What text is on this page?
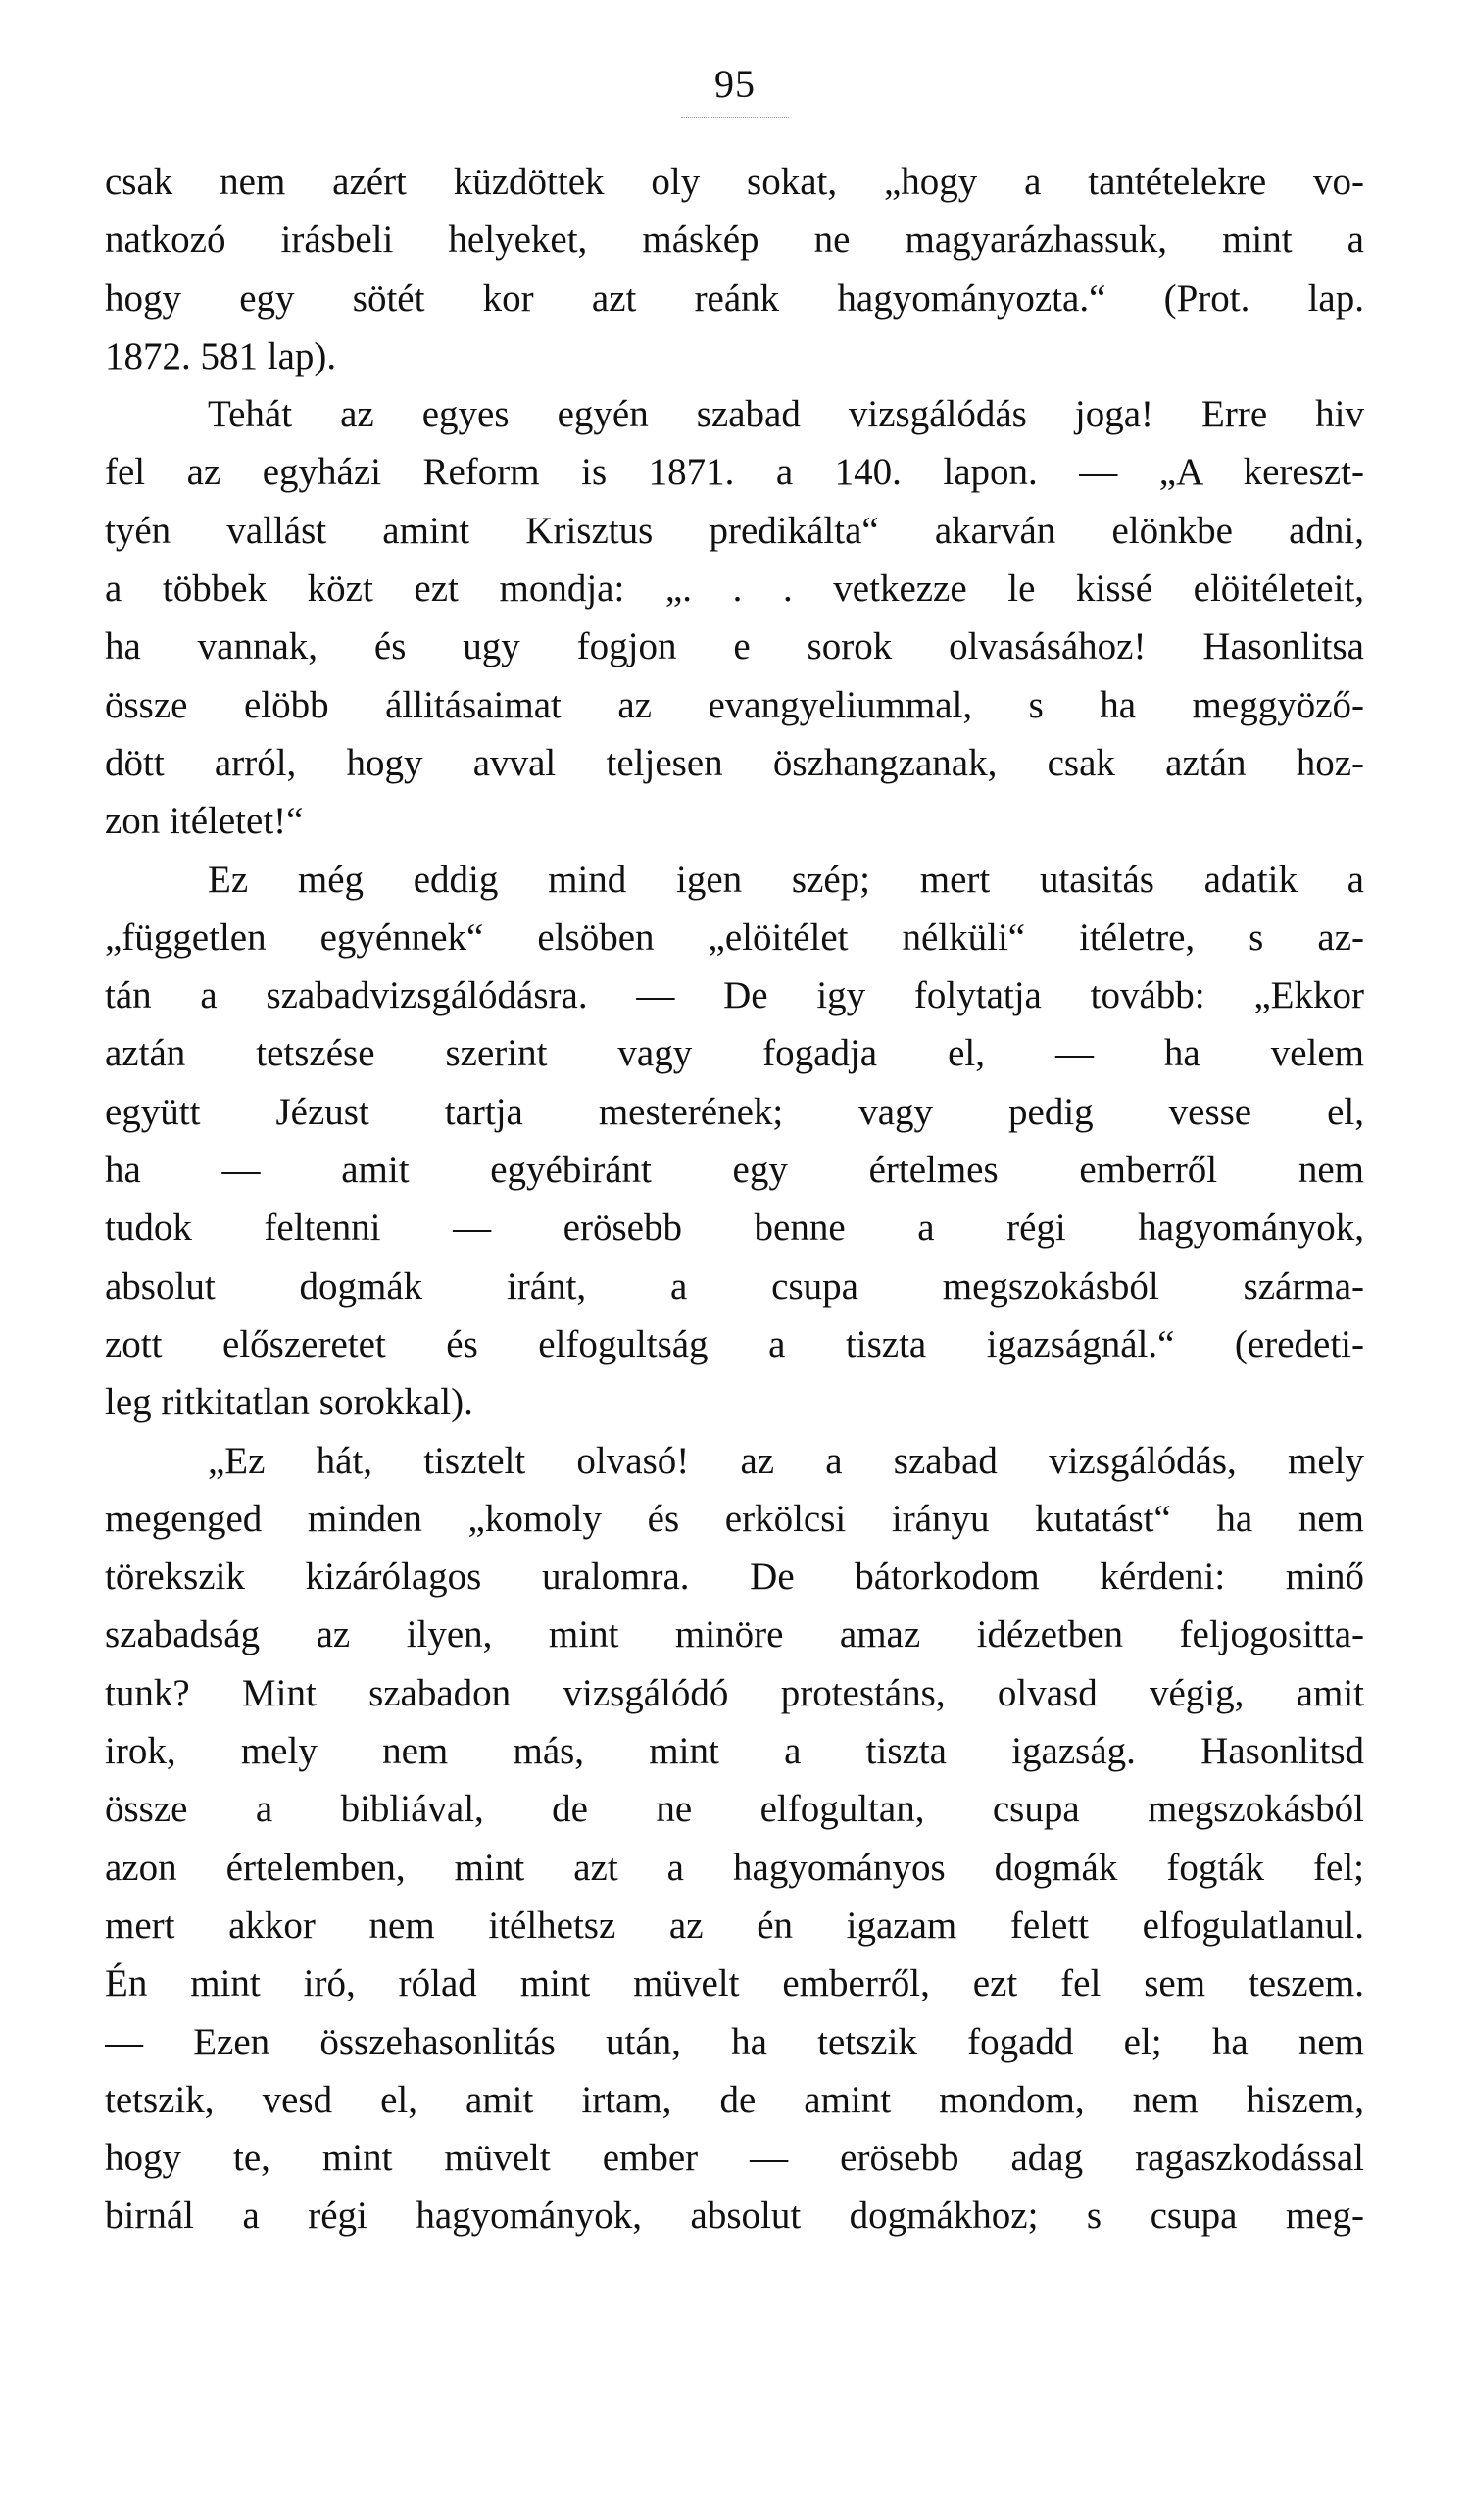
95
csak nem azért küzdöttek oly sokat, „hogy a tantételekre vo-
natkozó irásbeli helyeket, máskép ne magyarázhassuk, mint a
hogy egy sötét kor azt reánk hagyományozta.“ (Prot. lap.
1872. 581 lap).
Tehát az egyes egyén szabad vizsgálódás joga! Erre hiv
fel az egyházi Reform is 1871. a 140. lapon. — „A kereszt-
tyén vallást amint Krisztus predikálta“ akarván elönkbe adni,
a többek közt ezt mondja: „. . . vetkezze le kissé elöitéleteit,
ha vannak, és ugy fogjon e sorok olvasásához! Hasonlitsa
össze elöbb állitásaimat az evangyeliummal, s ha meggyöző-
dött arról, hogy avval teljesen öszhangzanak, csak aztán hoz-
zon itéletet!“
Ez még eddig mind igen szép; mert utasitás adatik a
„független egyénnek“ elsöben „elöitélet nélküli“ itéletre, s az-
tán a szabadvizsgálódásra. — De igy folytatja tovább: „Ekkor
aztán tetszése szerint vagy fogadja el, — ha velem
együtt Jézust tartja mesterének; vagy pedig vesse el,
ha — amit egyébiránt egy értelmes emberről nem
tudok feltenni — erösebb benne a régi hagyományok,
absolut dogmák iránt, a csupa megszokásból szárma-
zott előszeretet és elfogultság a tiszta igazságnál.“ (eredeti-
leg ritkitatlan sorokkal).
„Ez hát, tisztelt olvasó! az a szabad vizsgálódás, mely
megenged minden „komoly és erkölcsi irányu kutatást“ ha nem
törekszik kizárólagos uralomra. De bátorkodom kérdeni: minő
szabadság az ilyen, mint minöre amaz idézetben feljogositta-
tunk? Mint szabadon vizsgálódó protestáns, olvasd végig, amit
irok, mely nem más, mint a tiszta igazság. Hasonlitsd
össze a bibliával, de ne elfogultan, csupa megszokásból
azon értelemben, mint azt a hagyományos dogmák fogták fel;
mert akkor nem itélhetsz az én igazam felett elfogulatlanul.
Én mint iró, rólad mint müvelt emberről, ezt fel sem teszem.
— Ezen összehasonlitás után, ha tetszik fogadd el; ha nem
tetszik, vesd el, amit irtam, de amint mondom, nem hiszem,
hogy te, mint müvelt ember — erösebb adag ragaszkodással
birnál a régi hagyományok, absolut dogmákhoz; s csupa meg-
